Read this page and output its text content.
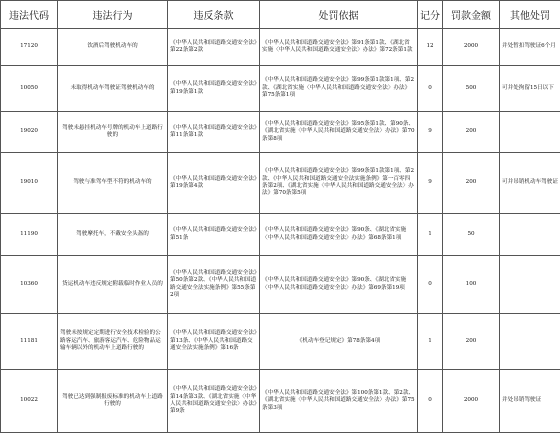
违法代码	违法行为	违反条款	处罚依据	记分	罚款金额	其他处罚
17120	饮酒后驾驶机动车的	《中华人民共和国道路交通安全法》第22条第2款	《中华人民共和国道路交通安全法》第91条第1款、《湖北省实施〈中华人民共和国道路交通安全法〉办法》第72条第1款	12	2000	并处暂扣驾驶证6个月
10050	未取得机动车驾驶证驾驶机动车的	《中华人民共和国道路交通安全法》第19条第1款	《中华人民共和国道路交通安全法》第99条第1款第1项、第2款、《湖北省实施〈中华人民共和国道路交通安全法〉办法》第75条第1项	0	500	可并处拘留15日以下
19020	驾驶未悬挂机动车号牌的机动车上道路行驶的	《中华人民共和国道路交通安全法》第11条第1款	《中华人民共和国道路交通安全法》第95条第1款、第90条、《湖北省实施〈中华人民共和国道路交通安全法〉办法》第70条第8项	9	200	
19010	驾驶与准驾车型不符的机动车的	《中华人民共和国道路交通安全法》第19条第4款	《中华人民共和国道路交通安全法》第99条第1款第1项、第2款、《中华人民共和国道路交通安全法实施条例》第一百零四条第2项、《湖北省实施〈中华人民共和国道路交通安全法〉办法》第70条第5项	9	200	可并吊销机动车驾驶证
11190	驾驶摩托车，不戴安全头盔的	《中华人民共和国道路交通安全法》第51条	《中华人民共和国道路交通安全法》第90条、《湖北省实施〈中华人民共和国道路交通安全法〉办法》第68条第1项	1	50	
10360	货运机动车违反规定附载临时作业人员的	《中华人民共和国道路交通安全法》第50条第2款、《中华人民共和国道路交通安全法实施条例》第55条第2项	《中华人民共和国道路交通安全法》第90条、《湖北省实施〈中华人民共和国道路交通安全法〉办法》第69条第19项	0	100	
11181	驾驶未按规定定期进行安全技术检验的公路客运汽车、旅游客运汽车、危险物品运输车辆以外的机动车上道路行驶的	《中华人民共和国道路交通安全法》第13条、《中华人民共和国道路交通安全法实施条例》第16条	《机动车登记规定》第78条第4项	1	200	
10022	驾驶已达到强制报废标准的机动车上道路行驶的	《中华人民共和国道路交通安全法》第14条第3款、《湖北省实施〈中华人民共和国道路交通安全法〉办法》第9条	《中华人民共和国道路交通安全法》第100条第1款、第2款、《湖北省实施〈中华人民共和国道路交通安全法〉办法》第75条第3项	0	2000	并处吊销驾驶证
